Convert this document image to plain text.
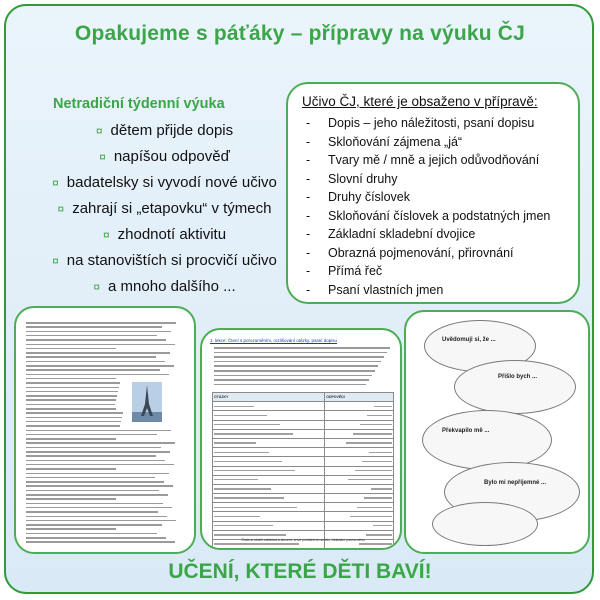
Opakujeme s páťáky – přípravy na výuku ČJ
Netradiční týdenní výuka
¤ dětem přijde dopis
¤ napíšou odpověď
¤ badatelsky si vyvodí nové učivo
¤ zahrají si „etapovku“ v týmech
¤ zhodnotí aktivitu
¤ na stanovištích si procvičí učivo
¤ a mnoho dalšího ...
Učivo ČJ, které je obsaženo v přípravě:
- Dopis – jeho náležitosti, psaní dopisu
- Skloňování zájmena „já“
- Tvary mě / mně a jejich odůvodňování
- Slovní druhy
- Druhy číslovek
- Skloňování číslovek a podstatných jmen
- Základní skladební dvojice
- Obrazná pojmenování, přirovnání
- Přímá řeč
- Psaní vlastních jmen
1. lekce: Čtení s porozuměním, rozlišování otázky, psaní dopisu
OTÁZKY	ODPOVĚDI

Čísla si uložíš záleklad a slovem, a tvé počátek do sešitu. Ukládání pomocnéhu
Uvědomuji si, že ...
Přišlo bych ...
Překvapilo mě ...
Bylo mi nepříjemné ...
UČENÍ, KTERÉ DĚTI BAVÍ!
